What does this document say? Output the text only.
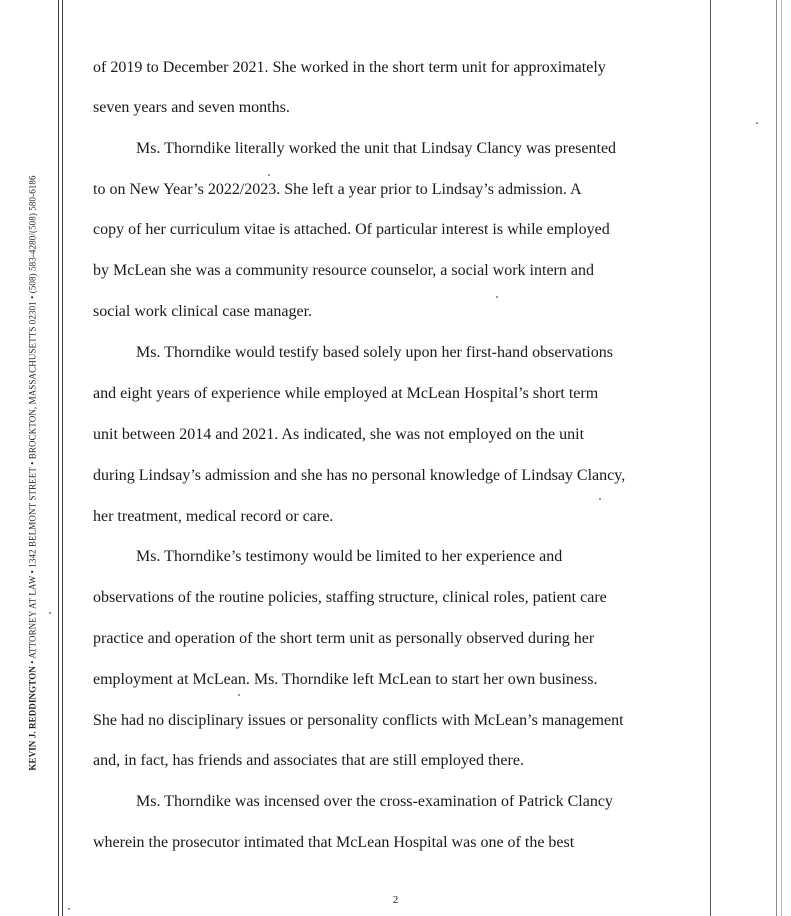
KEVIN J. REDDINGTON • ATTORNEY AT LAW • 1342 BELMONT STREET • BROCKTON, MASSACHUSETTS 02301 • (508) 583-4280/(508) 580-6186
of 2019 to December 2021. She worked in the short term unit for approximately
seven years and seven months.
Ms. Thorndike literally worked the unit that Lindsay Clancy was presented
to on New Year’s 2022/2023. She left a year prior to Lindsay’s admission. A
copy of her curriculum vitae is attached. Of particular interest is while employed
by McLean she was a community resource counselor, a social work intern and
social work clinical case manager.
Ms. Thorndike would testify based solely upon her first-hand observations
and eight years of experience while employed at McLean Hospital’s short term
unit between 2014 and 2021. As indicated, she was not employed on the unit
during Lindsay’s admission and she has no personal knowledge of Lindsay Clancy,
her treatment, medical record or care.
Ms. Thorndike’s testimony would be limited to her experience and
observations of the routine policies, staffing structure, clinical roles, patient care
practice and operation of the short term unit as personally observed during her
employment at McLean. Ms. Thorndike left McLean to start her own business.
She had no disciplinary issues or personality conflicts with McLean’s management
and, in fact, has friends and associates that are still employed there.
Ms. Thorndike was incensed over the cross-examination of Patrick Clancy
wherein the prosecutor intimated that McLean Hospital was one of the best
2
